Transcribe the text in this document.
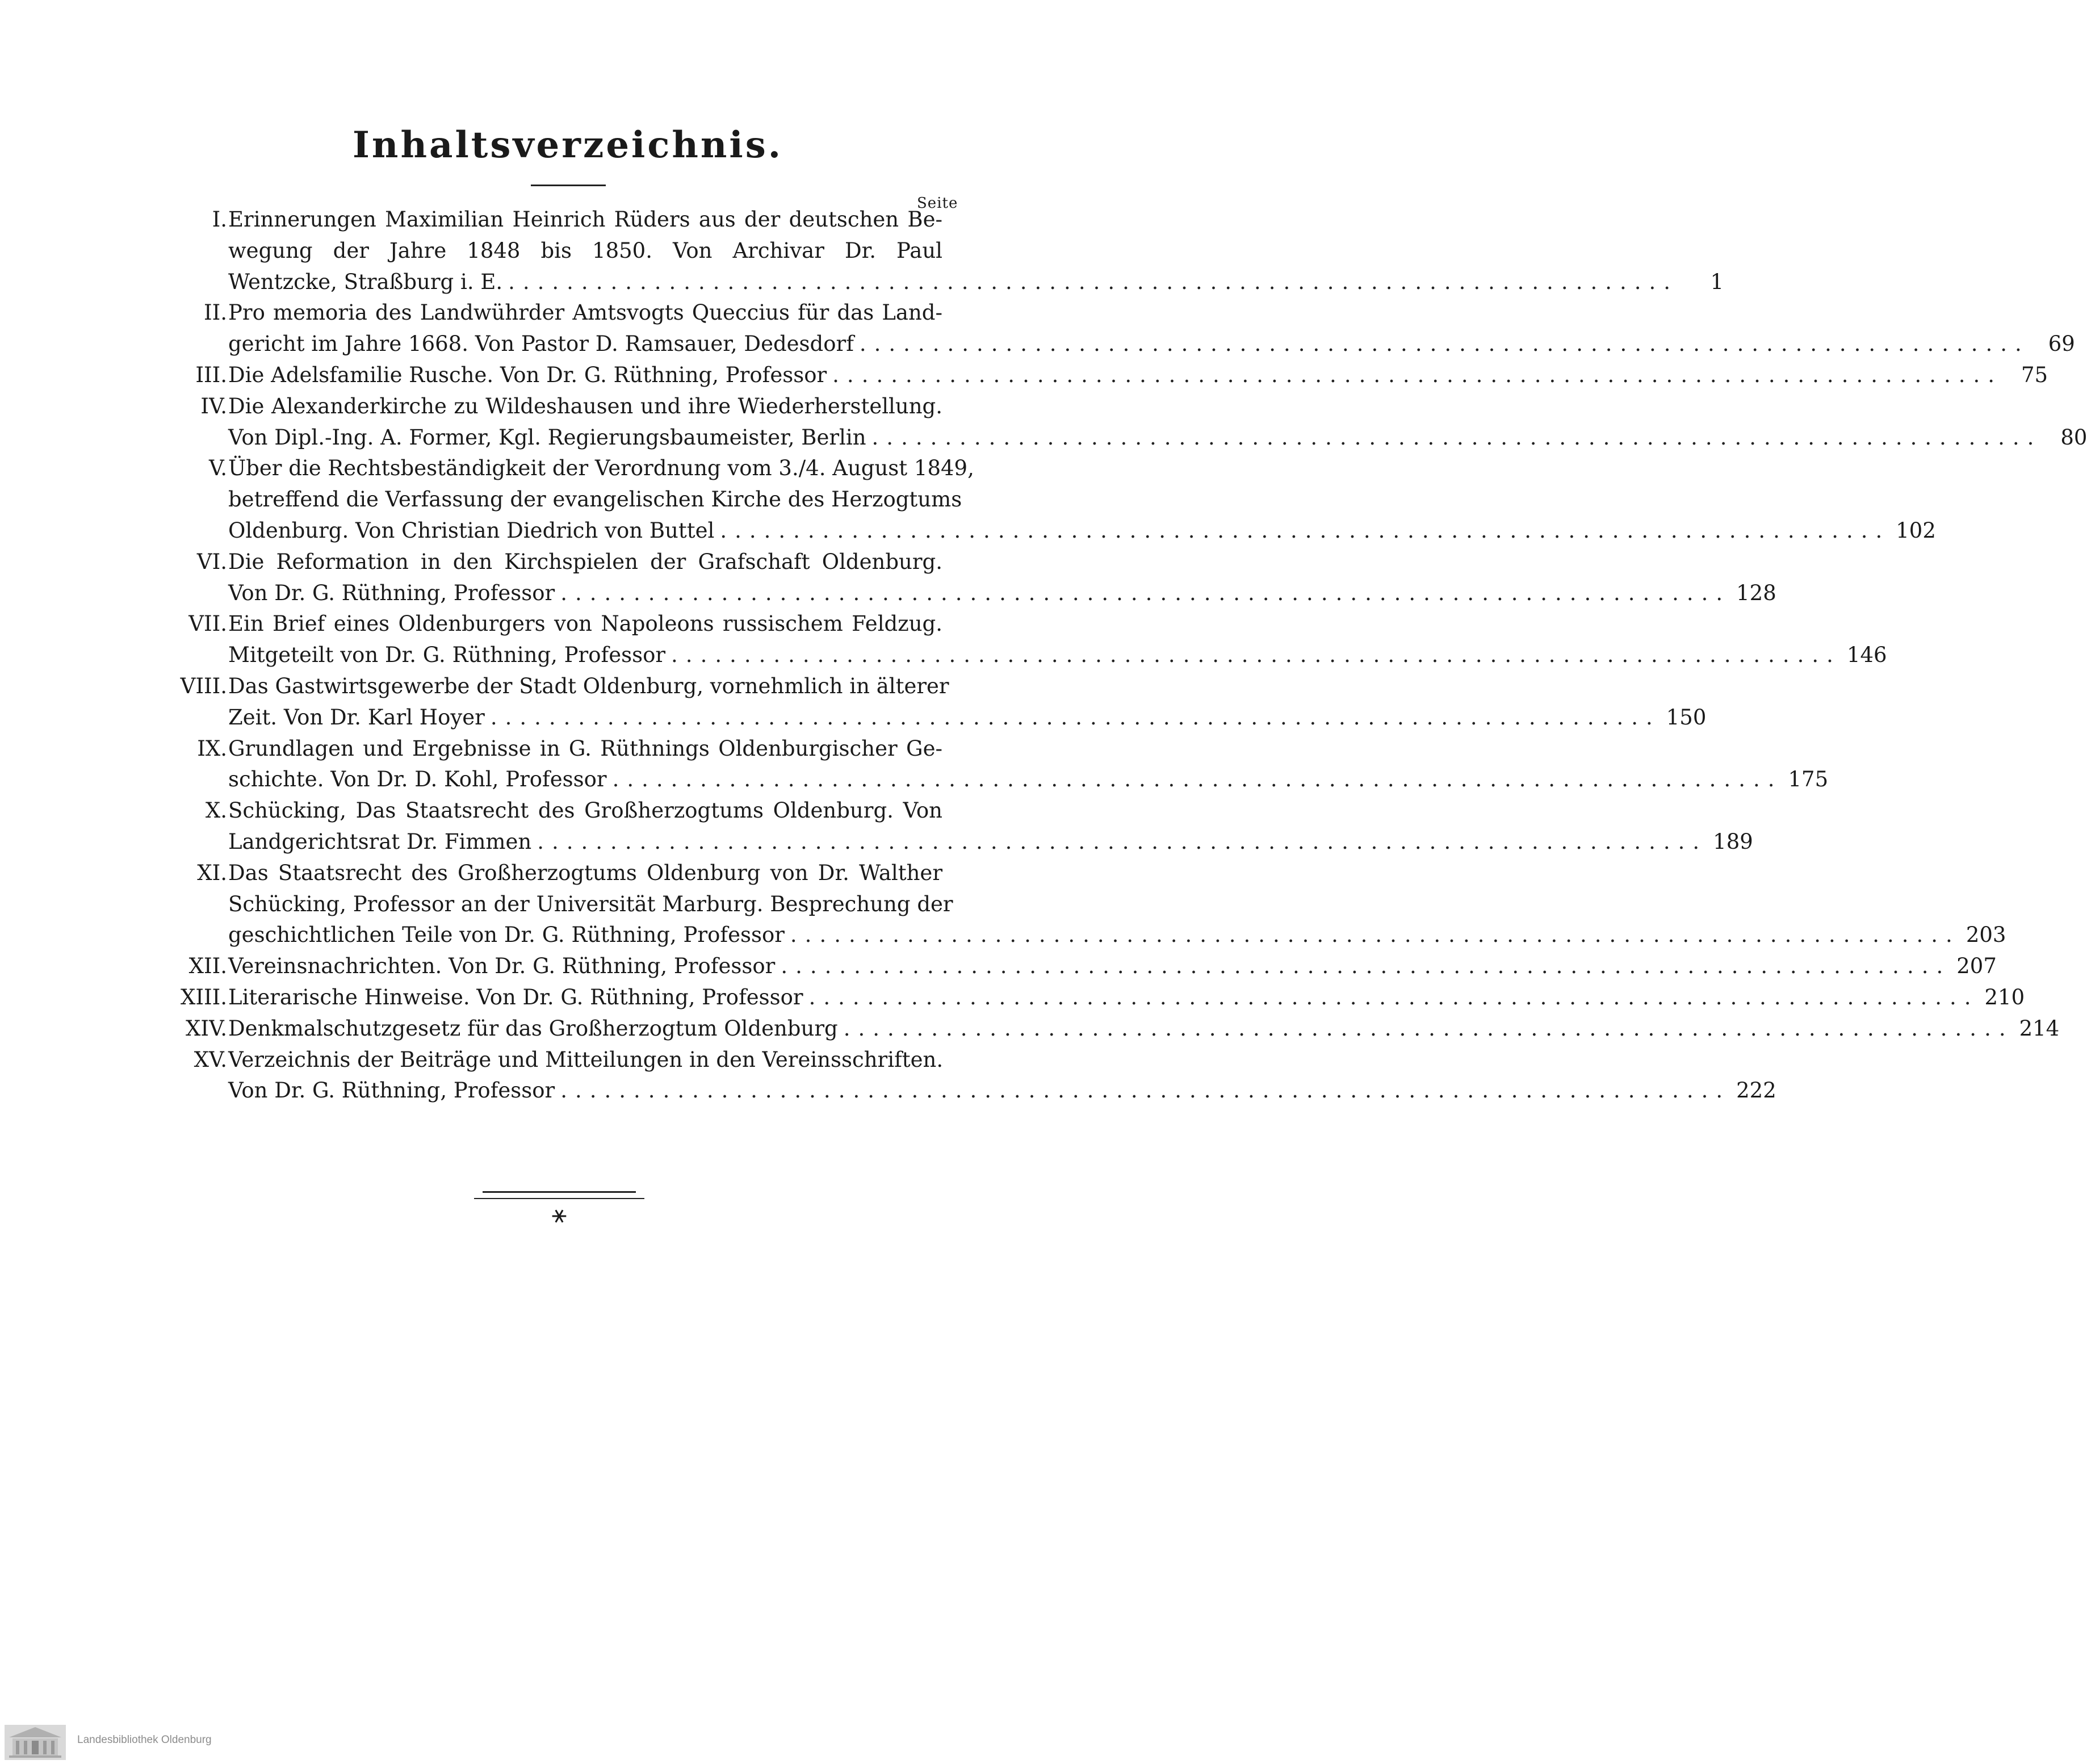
Inhaltsverzeichnis.
Seite
I. Erinnerungen Maximilian Heinrich Rüders aus der deutschen Be-
wegung der Jahre 1848 bis 1850. Von Archivar Dr. Paul
Wentzcke, Straßburg i. E. ................................................................................	1
II. Pro memoria des Landwührder Amtsvogts Queccius für das Land-
gericht im Jahre 1668. Von Pastor D. Ramsauer, Dedesdorf ................................................................................ 69
III. Die Adelsfamilie Rusche. Von Dr. G. Rüthning, Professor ................................................................................ 75
IV. Die Alexanderkirche zu Wildeshausen und ihre Wiederherstellung.
Von Dipl.-Ing. A. Former, Kgl. Regierungsbaumeister, Berlin ................................................................................ 80
V. Über die Rechtsbeständigkeit der Verordnung vom 3./4. August 1849,
betreffend die Verfassung der evangelischen Kirche des Herzogtums
Oldenburg. Von Christian Diedrich von Buttel ................................................................................ 102
VI. Die Reformation in den Kirchspielen der Grafschaft Oldenburg.
Von Dr. G. Rüthning, Professor ................................................................................ 128
VII. Ein Brief eines Oldenburgers von Napoleons russischem Feldzug.
Mitgeteilt von Dr. G. Rüthning, Professor ................................................................................ 146
VIII. Das Gastwirtsgewerbe der Stadt Oldenburg, vornehmlich in älterer
Zeit. Von Dr. Karl Hoyer ................................................................................ 150
IX. Grundlagen und Ergebnisse in G. Rüthnings Oldenburgischer Ge-
schichte. Von Dr. D. Kohl, Professor ................................................................................ 175
X. Schücking, Das Staatsrecht des Großherzogtums Oldenburg. Von
Landgerichtsrat Dr. Fimmen ................................................................................ 189
XI. Das Staatsrecht des Großherzogtums Oldenburg von Dr. Walther
Schücking, Professor an der Universität Marburg. Besprechung der
geschichtlichen Teile von Dr. G. Rüthning, Professor ................................................................................ 203
XII. Vereinsnachrichten. Von Dr. G. Rüthning, Professor ................................................................................ 207
XIII. Literarische Hinweise. Von Dr. G. Rüthning, Professor ................................................................................ 210
XIV. Denkmalschutzgesetz für das Großherzogtum Oldenburg ................................................................................ 214
XV. Verzeichnis der Beiträge und Mitteilungen in den Vereinsschriften.
Von Dr. G. Rüthning, Professor ................................................................................ 222
⚹
Landesbibliothek Oldenburg
